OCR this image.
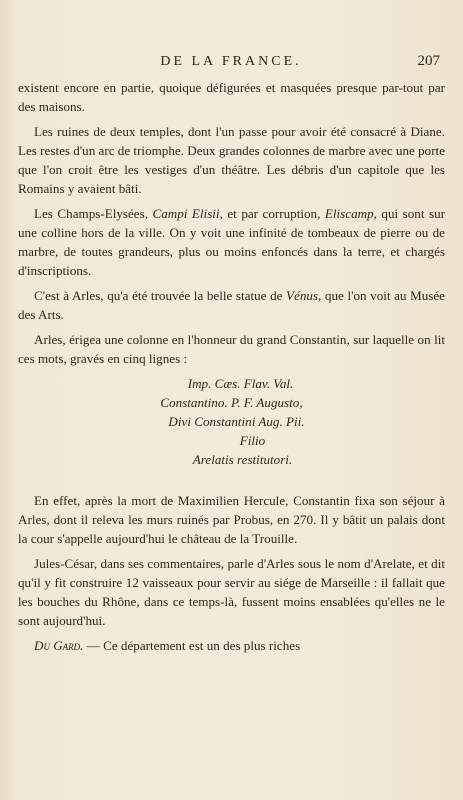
DE LA FRANCE.	207

existent encore en partie, quoique défigurées et masquées presque par-tout par des maisons.

Les ruines de deux temples, dont l'un passe pour avoir été consacré à Diane. Les restes d'un arc de triomphe. Deux grandes colonnes de marbre avec une porte que l'on croit être les vestiges d'un théâtre. Les débris d'un capitole que les Romains y avaient bâti.

Les Champs-Elysées, Campi Elisii, et par corruption, Eliscamp, qui sont sur une colline hors de la ville. On y voit une infinité de tombeaux de pierre ou de marbre, de toutes grandeurs, plus ou moins enfoncés dans la terre, et chargés d'inscriptions.

C'est à Arles, qu'a été trouvée la belle statue de Vénus, que l'on voit au Musée des Arts.

Arles, érigea une colonne en l'honneur du grand Constantin, sur laquelle on lit ces mots, gravés en cinq lignes :

Imp. Cæs. Flav. Val.
Constantino. P. F. Augusto,
Divi Constantini Aug. Pii.
Filio
Arelatis restitutori.

En effet, après la mort de Maximilien Hercule, Constantin fixa son séjour à Arles, dont il releva les murs ruinés par Probus, en 270. Il y bâtit un palais dont la cour s'appelle aujourd'hui le château de la Trouille.

Jules-César, dans ses commentaires, parle d'Arles sous le nom d'Arelate, et dit qu'il y fit construire 12 vaisseaux pour servir au siége de Marseille : il fallait que les bouches du Rhône, dans ce temps-là, fussent moins ensablées qu'elles ne le sont aujourd'hui.

Du Gard. — Ce département est un des plus riches
